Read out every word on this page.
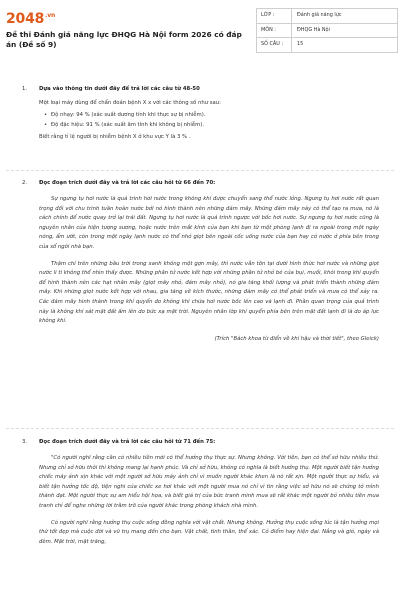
$2048^{.vn}$
Đề thi Đánh giá năng lực ĐHQG Hà Nội form 2026 có đáp án (Đề số 9)
LỚP :	Đánh giá năng lực
MÔN :	ĐHQG Hà Nội
SỐ CÂU :	15
1. Dựa vào thông tin dưới đây để trả lời các câu từ 48-50
Một loại máy dùng để chẩn đoán bệnh X x với các thông số như sau:
• Độ nhạy: 94 % (xác suất dương tính khi thực sự bị nhiễm).
• Độ đặc hiệu: 91 % (xác suất âm tính khi không bị nhiễm).
Biết rằng tỉ lệ người bị nhiễm bệnh X ở khu vực Y là 3 % .
2. Đọc đoạn trích dưới đây và trả lời các câu hỏi từ 66 đến 70:

Sự ngưng tụ hơi nước là quá trình hơi nước trong không khí được chuyển sang thể nước lỏng. Ngưng tụ hơi nước rất quan trọng đối với chu trình tuần hoàn nước bởi nó hình thành nên những đám mây. Những đám mây này có thể tạo ra mưa, nó là cách chính để nước quay trở lại trái đất. Ngưng tụ hơi nước là quá trình ngược với bốc hơi nước. Sự ngưng tụ hơi nước cũng là nguyên nhân của hiện tượng sương, hoặc nước trên mắt kính của bạn khi bạn từ một phòng lạnh đi ra ngoài trong một ngày nóng, ẩm ướt, còn trong một ngày lạnh nước có thể nhỏ giọt bên ngoài cốc uống nước của bạn hay có nước ở phía bên trong của sổ ngôi nhà bạn.

Thậm chí trên những bầu trời trong xanh không một gợn mây, thì nước vẫn tồn tại dưới hình thức hơi nước và những giọt nước li ti không thể nhìn thấy được. Những phân tử nước kết hợp với những phần tử nhỏ bé của bụi, muối, khói trong khí quyển để hình thành nên các hạt nhân mây (giọt mây nhỏ, đám mây nhỏ), nó gia tăng khối lượng và phát triển thành những đám mây. Khi những giọt nước kết hợp với nhau, gia tăng về kích thước, những đám mây có thể phát triển và mưa có thể xảy ra. Các đám mây hình thành trong khí quyển do không khí chứa hơi nước bốc lên cao và lạnh đi. Phần quan trọng của quá trình này là không khí sát mặt đất ấm lên do bức xạ mặt trời. Nguyên nhân lớp khí quyển phía bên trên mặt đất lạnh đi là do áp lực không khí.

(Trích "Bách khoa từ điển về khí hậu và thời tiết", theo Gleick)
3. Đọc đoạn trích dưới đây và trả lời các câu hỏi từ 71 đến 75:

"Có người nghĩ rằng cần có nhiều tiền mới có thể hưởng thụ thực sự. Nhưng không. Với tiền, bạn có thể sở hữu nhiều thứ. Nhưng chỉ sở hữu thôi thì không mang lại hạnh phúc. Và chỉ sở hữu, không có nghĩa là biết hưởng thụ. Một người biết tận hưởng chiếc máy ảnh xịn khác với một người sở hữu máy ảnh chỉ vì muốn người khác khen là nó rất xịn. Một người thực sự hiểu, và biết tận hưởng tốc độ, tiện nghi của chiếc xe hơi khác với một người mua nó chỉ vì tin rằng việc sở hữu nó sẽ chứng tỏ mình thành đạt. Một người thực sự am hiểu hội họa, và biết giá trị của bức tranh mình mua sẽ rất khác một người bỏ nhiều tiền mua tranh chỉ để nghe những lời trầm trồ của người khác trong phòng khách nhà mình.

Có người nghĩ rằng hưởng thụ cuộc sống đồng nghĩa với vật chất. Nhưng không. Hưởng thụ cuộc sống lúc là tận hưởng mọi thứ tốt đẹp mà cuộc đời và vũ trụ mang đến cho bạn. Vật chất, tinh thần, thể xác. Cỏ điểm hay hiện đại. Nắng và gió, ngày và đêm. Mặt trời, mặt trăng,
